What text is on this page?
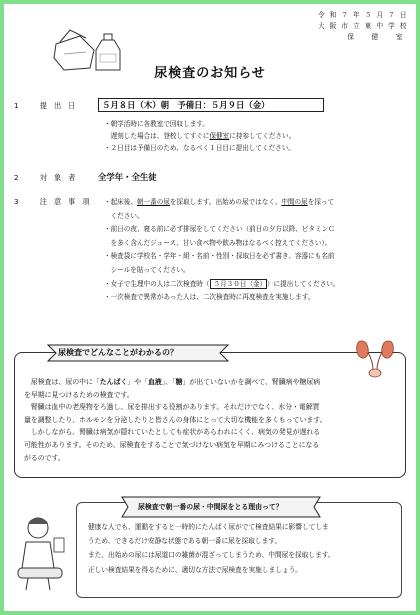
令 和 ７ 年 ５ 月 ７ 日
大 阪 市 立 東 中 学 校
保　　健　　室
尿検査のお知らせ
1　 提出日	５月８日（木）朝　予備日：５月９日（金）
・朝学活時に各教室で回収します。
　遅刻した場合は、登校してすぐに保健室に持参してください。
・２日目は予備日のため、なるべく１日目に提出してください。
2　 対象者 全学年・全生徒
3　 注意事項 ・起床後、朝一番の尿を採取します。出始めの尿ではなく、中間の尿を採って
　ください。
・前日の夜、寝る前に必ず排尿をしてください（前日の夕方以降、ビタミンＣ
　を多く含んだジュース、甘い食べ物や飲み物はなるべく控えてください）。
・検査袋に学校名・学年・組・名前・性別・採取日を必ず書き、容器にも名前
　シールを貼ってください。
・女子で生理中の人は二次検査時（ ５月３０日（金） ）に提出してください。
・一次検査で異常があった人は、二次検査時に再度検査を実施します。
尿検査でどんなことがわかるの？
　尿検査は、尿の中に「たんぱく」や「血液」、「糖」が出ていないかを調べて、腎臓病や糖尿病
を早期に見つけるための検査です。
　腎臓は血中の老廃物をろ過し、尿を排出する役割があります。それだけでなく、水分・電解質
量を調整したり、ホルモンを分泌したりと皆さんの身体にとって大切な機能を多くもっています。
　しかしながら、腎臓は病気が隠れていたとしても症状があらわれにくく、病気の発見が遅れる
可能性があります。そのため、尿検査をすることで気づけない病気を早期にみつけることになる
がるのです。
尿検査で朝一番の尿・中間尿をとる理由って？
健康な人でも、運動をすると一時的にたんぱく尿がでて検査結果に影響してしま
うため、できるだけ安静な状態である朝一番に尿を採取します。
また、出始めの尿には尿道口の雑菌が混ざってしまうため、中間尿を採取します。
正しい検査結果を得るために、適切な方法で尿検査を実施しましょう。
